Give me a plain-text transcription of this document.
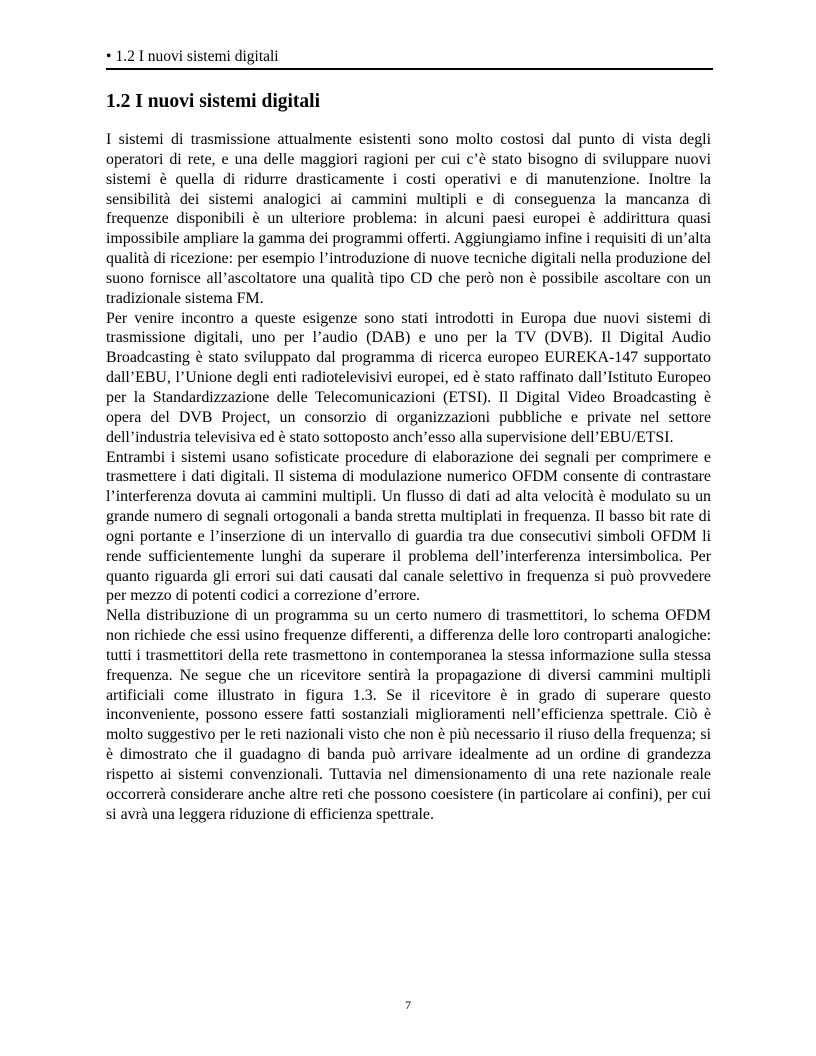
• 1.2 I nuovi sistemi digitali
1.2 I nuovi sistemi digitali

I sistemi di trasmissione attualmente esistenti sono molto costosi dal punto di vista degli operatori di rete, e una delle maggiori ragioni per cui c’è stato bisogno di sviluppare nuovi sistemi è quella di ridurre drasticamente i costi operativi e di manutenzione. Inoltre la sensibilità dei sistemi analogici ai cammini multipli e di conseguenza la mancanza di frequenze disponibili è un ulteriore problema: in alcuni paesi europei è addirittura quasi impossibile ampliare la gamma dei programmi offerti. Aggiungiamo infine i requisiti di un’alta qualità di ricezione: per esempio l’introduzione di nuove tecniche digitali nella produzione del suono fornisce all’ascoltatore una qualità tipo CD che però non è possibile ascoltare con un tradizionale sistema FM.

Per venire incontro a queste esigenze sono stati introdotti in Europa due nuovi sistemi di trasmissione digitali, uno per l’audio (DAB) e uno per la TV (DVB). Il Digital Audio Broadcasting è stato sviluppato dal programma di ricerca europeo EUREKA-147 supportato dall’EBU, l’Unione degli enti radiotelevisivi europei, ed è stato raffinato dall’Istituto Europeo per la Standardizzazione delle Telecomunicazioni (ETSI). Il Digital Video Broadcasting è opera del DVB Project, un consorzio di organizzazioni pubbliche e private nel settore dell’industria televisiva ed è stato sottoposto anch’esso alla supervisione dell’EBU/ETSI.

Entrambi i sistemi usano sofisticate procedure di elaborazione dei segnali per comprimere e trasmettere i dati digitali. Il sistema di modulazione numerico OFDM consente di contrastare l’interferenza dovuta ai cammini multipli. Un flusso di dati ad alta velocità è modulato su un grande numero di segnali ortogonali a banda stretta multiplati in frequenza. Il basso bit rate di ogni portante e l’inserzione di un intervallo di guardia tra due consecutivi simboli OFDM li rende sufficientemente lunghi da superare il problema dell’interferenza intersimbolica. Per quanto riguarda gli errori sui dati causati dal canale selettivo in frequenza si può provvedere per mezzo di potenti codici a correzione d’errore.

Nella distribuzione di un programma su un certo numero di trasmettitori, lo schema OFDM non richiede che essi usino frequenze differenti, a differenza delle loro controparti analogiche: tutti i trasmettitori della rete trasmettono in contemporanea la stessa informazione sulla stessa frequenza. Ne segue che un ricevitore sentirà la propagazione di diversi cammini multipli artificiali come illustrato in figura 1.3. Se il ricevitore è in grado di superare questo inconveniente, possono essere fatti sostanziali miglioramenti nell’efficienza spettrale. Ciò è molto suggestivo per le reti nazionali visto che non è più necessario il riuso della frequenza; si è dimostrato che il guadagno di banda può arrivare idealmente ad un ordine di grandezza rispetto ai sistemi convenzionali. Tuttavia nel dimensionamento di una rete nazionale reale occorrerà considerare anche altre reti che possono coesistere (in particolare ai confini), per cui si avrà una leggera riduzione di efficienza spettrale.

7
